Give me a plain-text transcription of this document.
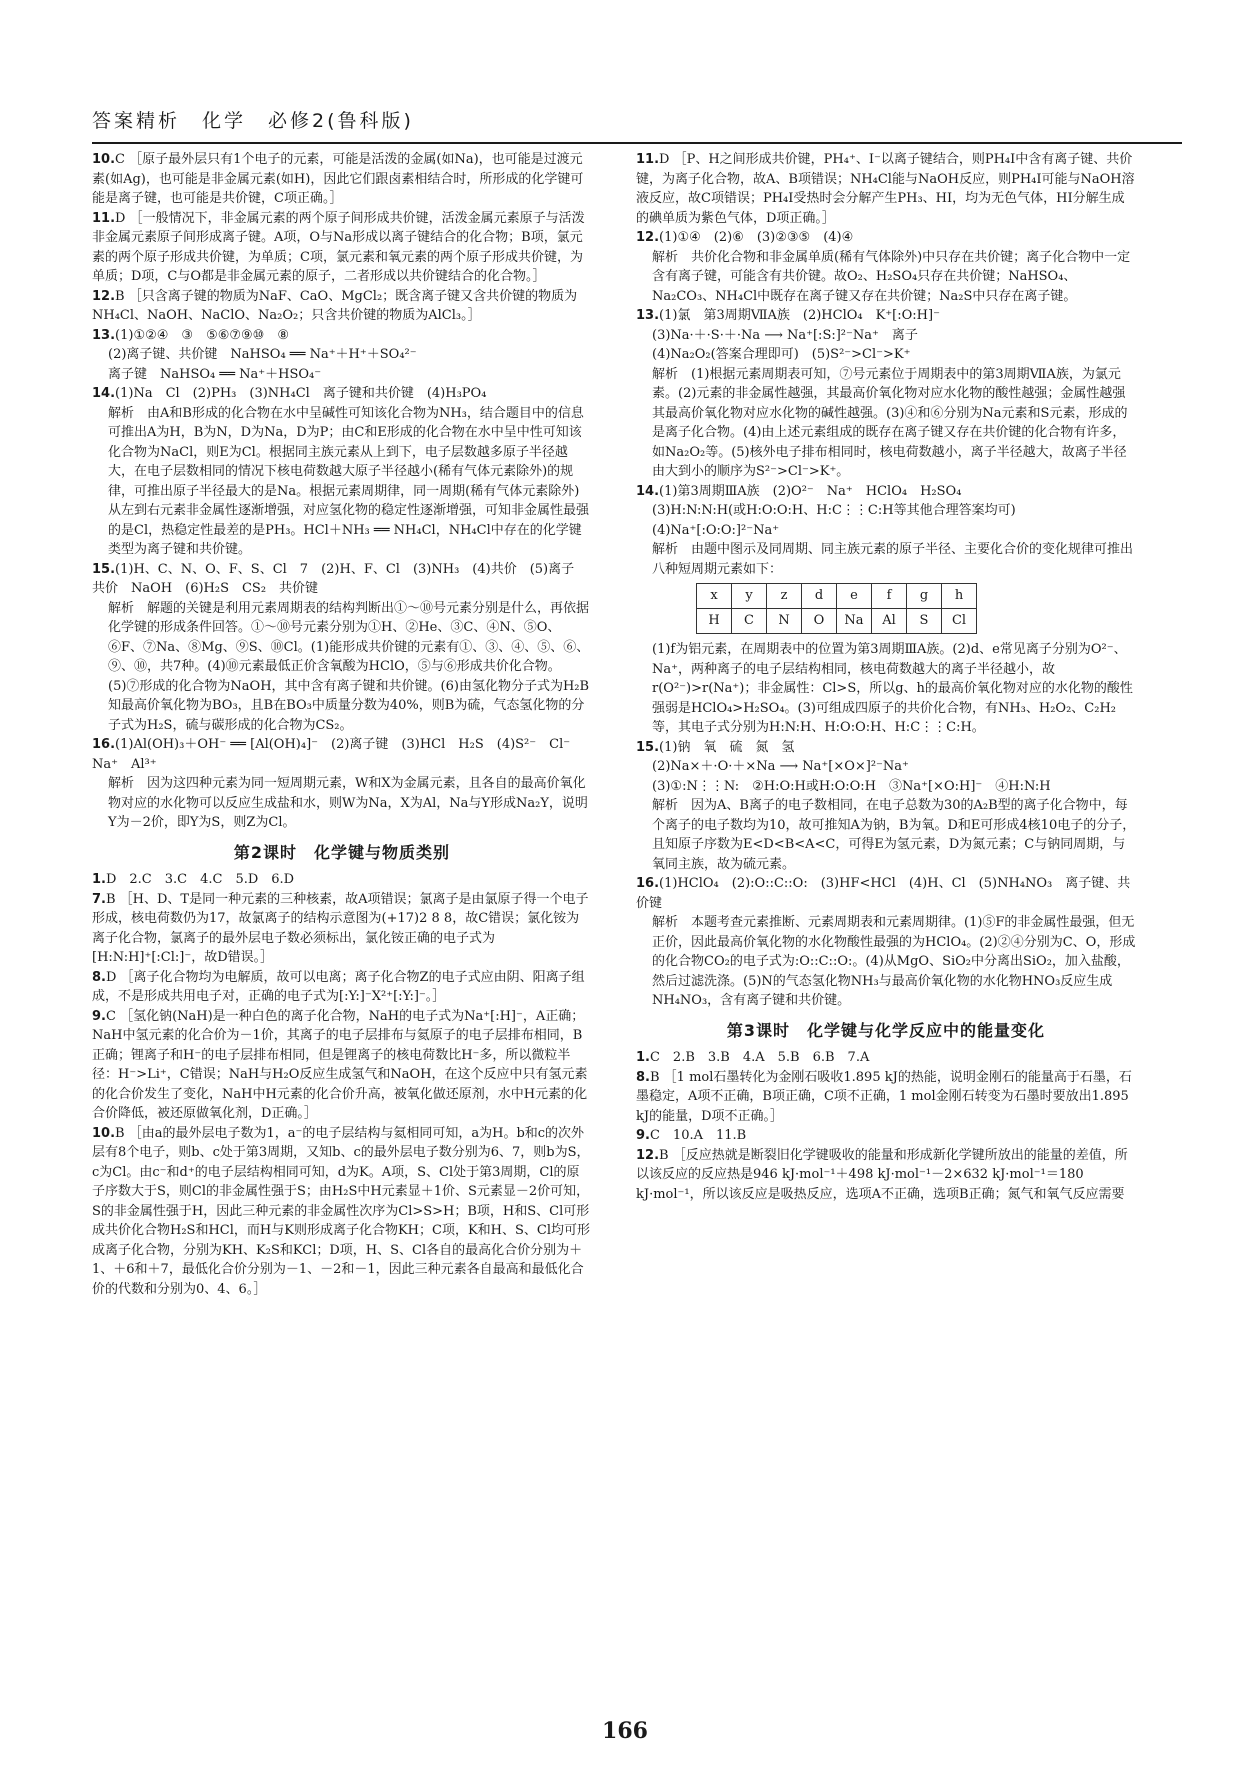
答案精析　化学　必修2(鲁科版)

10.C ［原子最外层只有1个电子的元素，可能是活泼的金属(如Na)，也可能是过渡元素(如Ag)，也可能是非金属元素(如H)，因此它们跟卤素相结合时，所形成的化学键可能是离子键，也可能是共价键，C项正确。］

11.D ［一般情况下，非金属元素的两个原子间形成共价键，活泼金属元素原子与活泼非金属元素原子间形成离子键。A项，O与Na形成以离子键结合的化合物；B项，氯元素的两个原子形成共价键，为单质；C项，氯元素和氧元素的两个原子形成共价键，为单质；D项，C与O都是非金属元素的原子，二者形成以共价键结合的化合物。］

12.B ［只含离子键的物质为NaF、CaO、MgCl₂；既含离子键又含共价键的物质为NH₄Cl、NaOH、NaClO、Na₂O₂；只含共价键的物质为AlCl₃。］

13.(1)①②④　③　⑤⑥⑦⑨⑩　⑧

(2)离子键、共价键　NaHSO₄ ══ Na⁺＋H⁺＋SO₄²⁻

离子键　NaHSO₄ ══ Na⁺＋HSO₄⁻

14.(1)Na　Cl　(2)PH₃　(3)NH₄Cl　离子键和共价键　(4)H₃PO₄

解析　由A和B形成的化合物在水中呈碱性可知该化合物为NH₃，结合题目中的信息可推出A为H，B为N，D为Na，D为P；由C和E形成的化合物在水中呈中性可知该化合物为NaCl，则E为Cl。根据同主族元素从上到下，电子层数越多原子半径越大，在电子层数相同的情况下核电荷数越大原子半径越小(稀有气体元素除外)的规律，可推出原子半径最大的是Na。根据元素周期律，同一周期(稀有气体元素除外)从左到右元素非金属性逐渐增强，对应氢化物的稳定性逐渐增强，可知非金属性最强的是Cl，热稳定性最差的是PH₃。HCl＋NH₃ ══ NH₄Cl，NH₄Cl中存在的化学键类型为离子键和共价键。

15.(1)H、C、N、O、F、S、Cl　7　(2)H、F、Cl　(3)NH₃　(4)共价　(5)离子　共价　NaOH　(6)H₂S　CS₂　共价键

解析　解题的关键是利用元素周期表的结构判断出①～⑩号元素分别是什么，再依据化学键的形成条件回答。①～⑩号元素分别为①H、②He、③C、④N、⑤O、⑥F、⑦Na、⑧Mg、⑨S、⑩Cl。(1)能形成共价键的元素有①、③、④、⑤、⑥、⑨、⑩，共7种。(4)⑩元素最低正价含氧酸为HClO，⑤与⑥形成共价化合物。(5)⑦形成的化合物为NaOH，其中含有离子键和共价键。(6)由氢化物分子式为H₂B知最高价氧化物为BO₃，且B在BO₃中质量分数为40%，则B为硫，气态氢化物的分子式为H₂S，硫与碳形成的化合物为CS₂。

16.(1)Al(OH)₃＋OH⁻ ══ [Al(OH)₄]⁻　(2)离子键　(3)HCl　H₂S　(4)S²⁻　Cl⁻　Na⁺　Al³⁺

解析　因为这四种元素为同一短周期元素，W和X为金属元素，且各自的最高价氧化物对应的水化物可以反应生成盐和水，则W为Na，X为Al，Na与Y形成Na₂Y，说明Y为－2价，即Y为S，则Z为Cl。

第2课时　化学键与物质类别

1.D　2.C　3.C　4.C　5.D　6.D

7.B ［H、D、T是同一种元素的三种核素，故A项错误；氯离子是由氯原子得一个电子形成，核电荷数仍为17，故氯离子的结构示意图为(+17)2 8 8，故C错误；氯化铵为离子化合物，氯离子的最外层电子数必须标出，氯化铵正确的电子式为[H:N:H]⁺[:Cl:]⁻，故D错误。］

8.D ［离子化合物均为电解质，故可以电离；离子化合物Z的电子式应由阴、阳离子组成，不是形成共用电子对，正确的电子式为[:Y:]⁻X²⁺[:Y:]⁻。］

9.C ［氢化钠(NaH)是一种白色的离子化合物，NaH的电子式为Na⁺[:H]⁻，A正确；NaH中氢元素的化合价为－1价，其离子的电子层排布与氦原子的电子层排布相同，B正确；锂离子和H⁻的电子层排布相同，但是锂离子的核电荷数比H⁻多，所以微粒半径：H⁻>Li⁺，C错误；NaH与H₂O反应生成氢气和NaOH，在这个反应中只有氢元素的化合价发生了变化，NaH中H元素的化合价升高，被氧化做还原剂，水中H元素的化合价降低，被还原做氧化剂，D正确。］

10.B ［由a的最外层电子数为1，a⁻的电子层结构与氦相同可知，a为H。b和c的次外层有8个电子，则b、c处于第3周期，又知b、c的最外层电子数分别为6、7，则b为S，c为Cl。由c⁻和d⁺的电子层结构相同可知，d为K。A项，S、Cl处于第3周期，Cl的原子序数大于S，则Cl的非金属性强于S；由H₂S中H元素显＋1价、S元素显－2价可知，S的非金属性强于H，因此三种元素的非金属性次序为Cl>S>H；B项，H和S、Cl可形成共价化合物H₂S和HCl，而H与K则形成离子化合物KH；C项，K和H、S、Cl均可形成离子化合物，分别为KH、K₂S和KCl；D项，H、S、Cl各自的最高化合价分别为＋1、＋6和＋7，最低化合价分别为－1、－2和－1，因此三种元素各自最高和最低化合价的代数和分别为0、4、6。］

11.D ［P、H之间形成共价键，PH₄⁺、I⁻以离子键结合，则PH₄I中含有离子键、共价键，为离子化合物，故A、B项错误；NH₄Cl能与NaOH反应，则PH₄I可能与NaOH溶液反应，故C项错误；PH₄I受热时会分解产生PH₃、HI，均为无色气体，HI分解生成的碘单质为紫色气体，D项正确。］

12.(1)①④　(2)⑥　(3)②③⑤　(4)④

解析　共价化合物和非金属单质(稀有气体除外)中只存在共价键；离子化合物中一定含有离子键，可能含有共价键。故O₂、H₂SO₄只存在共价键；NaHSO₄、Na₂CO₃、NH₄Cl中既存在离子键又存在共价键；Na₂S中只存在离子键。

13.(1)氯　第3周期ⅦA族　(2)HClO₄　K⁺[:O:H]⁻

(3)Na·＋·S·＋·Na ⟶ Na⁺[:S:]²⁻Na⁺　离子

(4)Na₂O₂(答案合理即可)　(5)S²⁻>Cl⁻>K⁺

解析　(1)根据元素周期表可知，⑦号元素位于周期表中的第3周期ⅦA族，为氯元素。(2)元素的非金属性越强，其最高价氧化物对应水化物的酸性越强；金属性越强其最高价氧化物对应水化物的碱性越强。(3)④和⑥分别为Na元素和S元素，形成的是离子化合物。(4)由上述元素组成的既存在离子键又存在共价键的化合物有许多，如Na₂O₂等。(5)核外电子排布相同时，核电荷数越小，离子半径越大，故离子半径由大到小的顺序为S²⁻>Cl⁻>K⁺。

14.(1)第3周期ⅢA族　(2)O²⁻　Na⁺　HClO₄　H₂SO₄

(3)H:N:N:H(或H:O:O:H、H:C⋮⋮C:H等其他合理答案均可)　(4)Na⁺[:O:O:]²⁻Na⁺

解析　由题中图示及同周期、同主族元素的原子半径、主要化合价的变化规律可推出八种短周期元素如下：

x	y	z	d	e	f	g	h
H	C	N	O	Na	Al	S	Cl

(1)f为铝元素，在周期表中的位置为第3周期ⅢA族。(2)d、e常见离子分别为O²⁻、Na⁺，两种离子的电子层结构相同，核电荷数越大的离子半径越小，故r(O²⁻)>r(Na⁺)；非金属性：Cl>S，所以g、h的最高价氧化物对应的水化物的酸性强弱是HClO₄>H₂SO₄。(3)可组成四原子的共价化合物，有NH₃、H₂O₂、C₂H₂等，其电子式分别为H:N:H、H:O:O:H、H:C⋮⋮C:H。

15.(1)钠　氧　硫　氮　氢

(2)Na×＋·O·＋×Na ⟶ Na⁺[×O×]²⁻Na⁺

(3)①:N⋮⋮N:　②H:O:H或H:O:O:H　③Na⁺[×O:H]⁻　④H:N:H

解析　因为A、B离子的电子数相同，在电子总数为30的A₂B型的离子化合物中，每个离子的电子数均为10，故可推知A为钠，B为氧。D和E可形成4核10电子的分子，且知原子序数为E<D<B<A<C，可得E为氢元素，D为氮元素；C与钠同周期，与氧同主族，故为硫元素。

16.(1)HClO₄　(2):O::C::O:　(3)HF<HCl　(4)H、Cl　(5)NH₄NO₃　离子键、共价键

解析　本题考查元素推断、元素周期表和元素周期律。(1)⑤F的非金属性最强，但无正价，因此最高价氧化物的水化物酸性最强的为HClO₄。(2)②④分别为C、O，形成的化合物CO₂的电子式为:O::C::O:。(4)从MgO、SiO₂中分离出SiO₂，加入盐酸，然后过滤洗涤。(5)N的气态氢化物NH₃与最高价氧化物的水化物HNO₃反应生成NH₄NO₃，含有离子键和共价键。

第3课时　化学键与化学反应中的能量变化

1.C　2.B　3.B　4.A　5.B　6.B　7.A

8.B ［1 mol石墨转化为金刚石吸收1.895 kJ的热能，说明金刚石的能量高于石墨，石墨稳定，A项不正确，B项正确，C项不正确，1 mol金刚石转变为石墨时要放出1.895 kJ的能量，D项不正确。］

9.C　10.A　11.B

12.B ［反应热就是断裂旧化学键吸收的能量和形成新化学键所放出的能量的差值，所以该反应的反应热是946 kJ·mol⁻¹＋498 kJ·mol⁻¹－2×632 kJ·mol⁻¹＝180 kJ·mol⁻¹，所以该反应是吸热反应，选项A不正确，选项B正确；氮气和氧气反应需要

166
